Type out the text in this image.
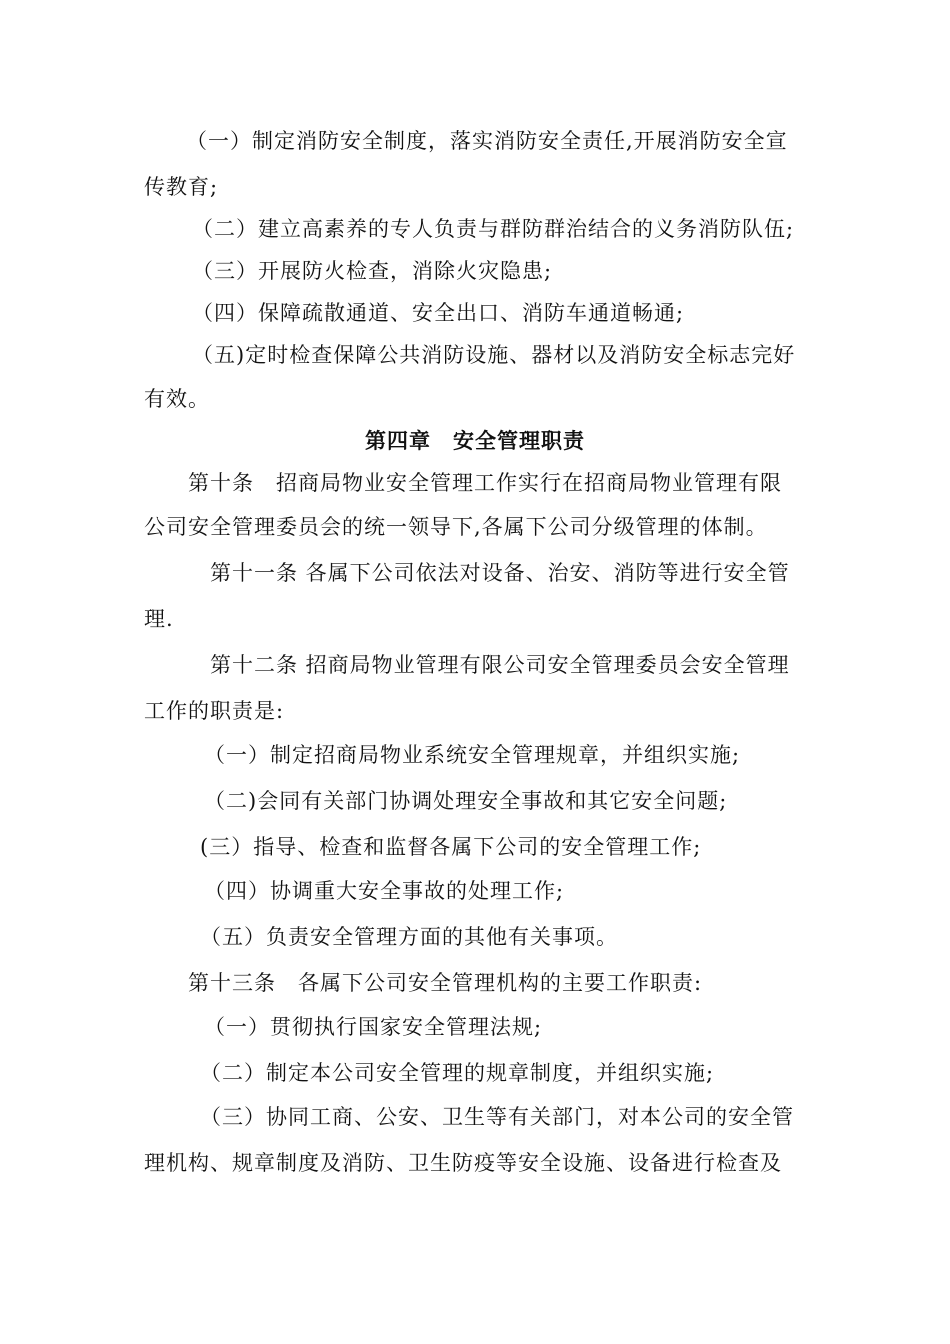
（一）制定消防安全制度，落实消防安全责任,开展消防安全宣
传教育;
（二）建立高素养的专人负责与群防群治结合的义务消防队伍;
（三）开展防火检查，消除火灾隐患;
（四）保障疏散通道、安全出口、消防车通道畅通;
（五)定时检查保障公共消防设施、器材以及消防安全标志完好
有效。
第四章　安全管理职责
第十条　招商局物业安全管理工作实行在招商局物业管理有限
公司安全管理委员会的统一领导下,各属下公司分级管理的体制。
第十一条 各属下公司依法对设备、治安、消防等进行安全管
理.
第十二条 招商局物业管理有限公司安全管理委员会安全管理
工作的职责是:
（一）制定招商局物业系统安全管理规章，并组织实施;
（二)会同有关部门协调处理安全事故和其它安全问题;
(三）指导、检查和监督各属下公司的安全管理工作;
（四）协调重大安全事故的处理工作;
（五）负责安全管理方面的其他有关事项。
第十三条　各属下公司安全管理机构的主要工作职责:
（一）贯彻执行国家安全管理法规;
（二）制定本公司安全管理的规章制度，并组织实施;
（三）协同工商、公安、卫生等有关部门，对本公司的安全管
理机构、规章制度及消防、卫生防疫等安全设施、设备进行检查及
